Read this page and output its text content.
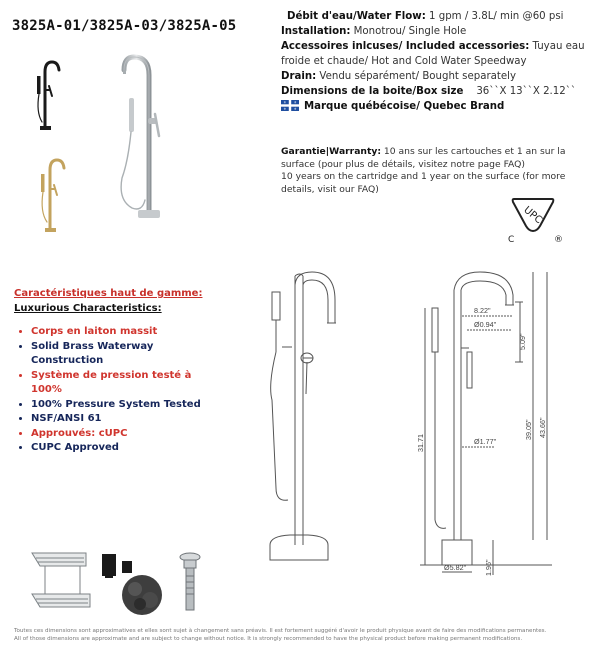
3825A-01/3825A-03/3825A-05
Débit d'eau/Water Flow: 1 gpm / 3.8L/ min @60 psi
Installation: Monotrou/ Single Hole
Accessoires inlcuses/ Included accessories: Tuyau eau froide et chaude/ Hot and Cold Water Speedway
Drain: Vendu séparément/ Bought separately
Dimensions de la boite/Box size    36``X 13``X 2.12``
⚜ ⚜
⚜ ⚜ Marque québécoise/ Quebec Brand
Garantie|Warranty: 10 ans sur les cartouches et 1 an sur la surface (pour plus de détails, visitez notre page FAQ)
10 years on the cartridge and 1 year on the surface (for more details, visit our FAQ)
UPC
C	®
Caractéristiques haut de gamme:
Luxurious Characteristics:
• Corps en laiton massit
• Solid Brass Waterway Construction
• Système de pression testé à 100%
• 100% Pressure System Tested
• NSF/ANSI 61
• Approuvés: cUPC
• CUPC Approved
8.22"
Ø0.94"
5.09"
Ø1.77"
39.05" 43.66"
31.71
Ø5.82" 1.96"
Toutes ces dimensions sont approximatives et elles sont sujet à changement sans préavis. Il est fortement suggéré d'avoir le produit physique avant de faire des modifications permanentes.
All of those dimensions are approximate and are subject to change without notice. It is strongly recommended to have the physical product before making permanent modifications.
